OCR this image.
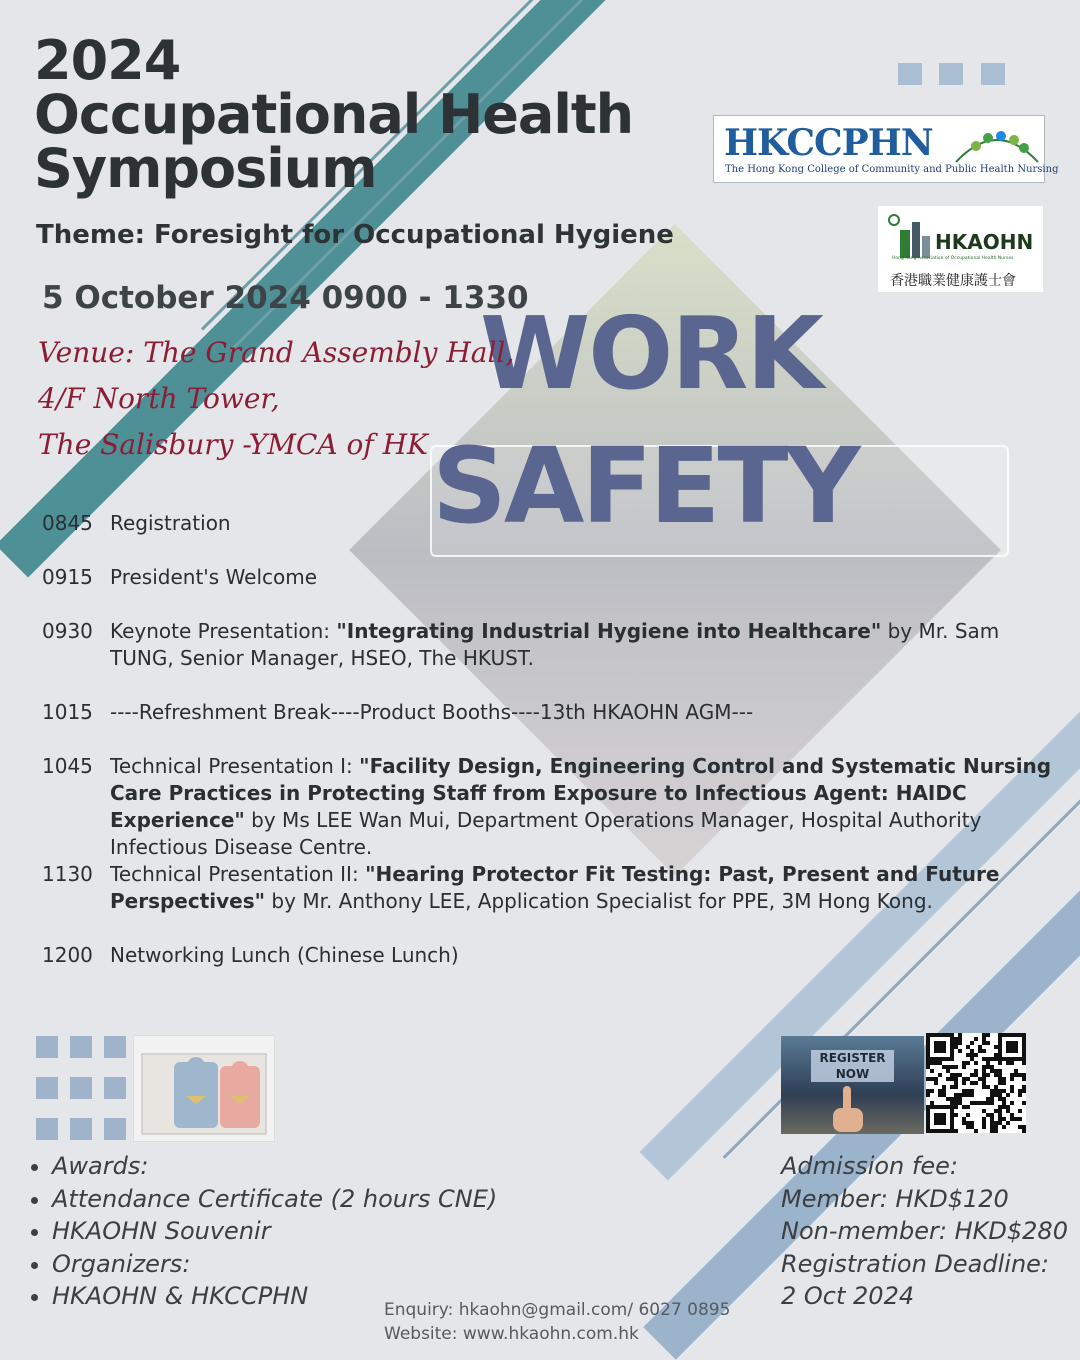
WORK
SAFETY
2024
Occupational Health
Symposium
Theme: Foresight for Occupational Hygiene
5 October 2024 0900 - 1330
Venue: The Grand Assembly Hall,
4/F North Tower,
The Salisbury -YMCA of HK
HKCCPHN
The Hong Kong College of Community and Public Health Nursing
HKAOHN
Hong Kong Association of Occupational Health Nurses
香港職業健康護士會
0845 Registration
0915 President's Welcome
0930 Keynote Presentation: "Integrating Industrial Hygiene into Healthcare" by Mr. Sam TUNG, Senior Manager, HSEO, The HKUST.
1015 ----Refreshment Break----Product Booths----13th HKAOHN AGM---
1045 Technical Presentation I: "Facility Design, Engineering Control and Systematic Nursing Care Practices in Protecting Staff from Exposure to Infectious Agent: HAIDC Experience" by Ms LEE Wan Mui, Department Operations Manager, Hospital Authority Infectious Disease Centre.
1130 Technical Presentation II: "Hearing Protector Fit Testing: Past, Present and Future Perspectives" by Mr. Anthony LEE, Application Specialist for PPE, 3M Hong Kong.
1200 Networking Lunch (Chinese Lunch)
REGISTER
NOW
• Awards:
• Attendance Certificate (2 hours CNE)
• HKAOHN Souvenir
• Organizers:
• HKAOHN & HKCCPHN
Admission fee:
Member: HKD$120
Non-member: HKD$280
Registration Deadline:
2 Oct 2024
Enquiry: hkaohn@gmail.com/ 6027 0895
Website: www.hkaohn.com.hk
